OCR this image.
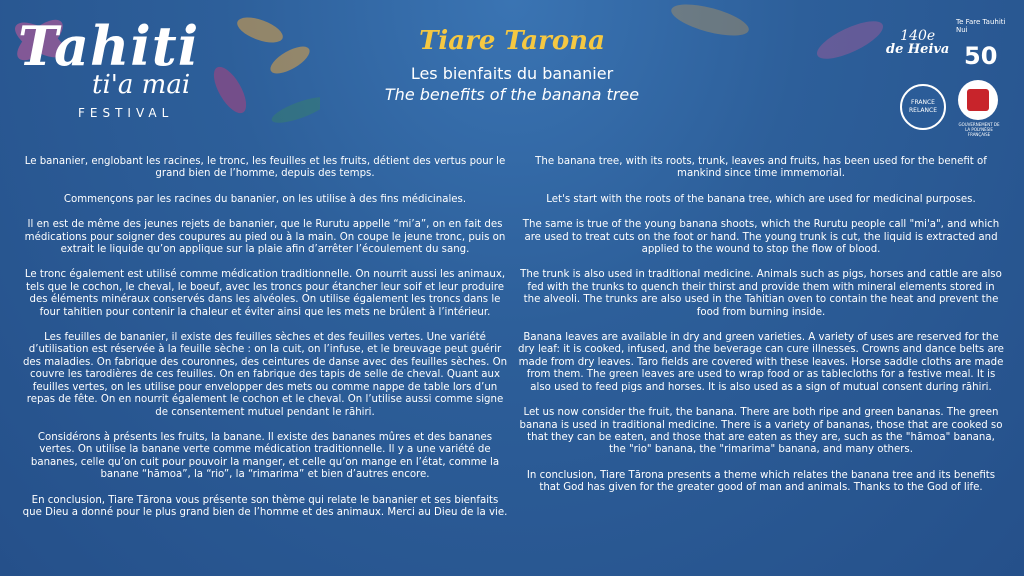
Tahiti
ti'a mai
FESTIVAL
Tiare Tarona
Les bienfaits du bananier
The benefits of the banana tree
140e
de Heiva
Te Fare Tauhiti Nui
50
FRANCE
RELANCE
GOUVERNEMENT DE LA POLYNÉSIE FRANÇAISE

Le bananier, englobant les racines, le tronc, les feuilles et les fruits, détient des vertus pour le grand bien de l’homme, depuis des temps.

Commençons par les racines du bananier, on les utilise à des fins médicinales.

Il en est de même des jeunes rejets de bananier, que le Rurutu appelle “mi’a”, on en fait des médications pour soigner des coupures au pied ou à la main. On coupe le jeune tronc, puis on extrait le liquide qu’on applique sur la plaie afin d’arrêter l’écoulement du sang.

Le tronc également est utilisé comme médication traditionnelle. On nourrit aussi les animaux, tels que le cochon, le cheval, le boeuf, avec les troncs pour étancher leur soif et leur produire des éléments minéraux conservés dans les alvéoles. On utilise également les troncs dans le four tahitien pour contenir la chaleur et éviter ainsi que les mets ne brûlent à l’intérieur.

Les feuilles de bananier, il existe des feuilles sèches et des feuilles vertes. Une variété d’utilisation est réservée à la feuille sèche : on la cuit, on l’infuse, et le breuvage peut guérir des maladies. On fabrique des couronnes, des ceintures de danse avec des feuilles sèches. On couvre les tarodières de ces feuilles. On en fabrique des tapis de selle de cheval. Quant aux feuilles vertes, on les utilise pour envelopper des mets ou comme nappe de table lors d’un repas de fête. On en nourrit également le cochon et le cheval. On l’utilise aussi comme signe de consentement mutuel pendant le rāhiri.

Considérons à présents les fruits, la banane. Il existe des bananes mûres et des bananes vertes. On utilise la banane verte comme médication traditionnelle. Il y a une variété de bananes, celle qu’on cuit pour pouvoir la manger, et celle qu’on mange en l’état, comme la banane “hāmoa”, la “rio”, la “rimarima” et bien d’autres encore.

En conclusion, Tiare Tārona vous présente son thème qui relate le bananier et ses bienfaits que Dieu a donné pour le plus grand bien de l’homme et des animaux. Merci au Dieu de la vie.

The banana tree, with its roots, trunk, leaves and fruits, has been used for the benefit of mankind since time immemorial.

Let's start with the roots of the banana tree, which are used for medicinal purposes.

The same is true of the young banana shoots, which the Rurutu people call "mi'a", and which are used to treat cuts on the foot or hand. The young trunk is cut, the liquid is extracted and applied to the wound to stop the flow of blood.

The trunk is also used in traditional medicine. Animals such as pigs, horses and cattle are also fed with the trunks to quench their thirst and provide them with mineral elements stored in the alveoli. The trunks are also used in the Tahitian oven to contain the heat and prevent the food from burning inside.

Banana leaves are available in dry and green varieties. A variety of uses are reserved for the dry leaf: it is cooked, infused, and the beverage can cure illnesses. Crowns and dance belts are made from dry leaves. Taro fields are covered with these leaves. Horse saddle cloths are made from them. The green leaves are used to wrap food or as tablecloths for a festive meal. It is also used to feed pigs and horses. It is also used as a sign of mutual consent during rāhiri.

Let us now consider the fruit, the banana. There are both ripe and green bananas. The green banana is used in traditional medicine. There is a variety of bananas, those that are cooked so that they can be eaten, and those that are eaten as they are, such as the "hāmoa" banana, the "rio" banana, the "rimarima" banana, and many others.

In conclusion, Tiare Tārona presents a theme which relates the banana tree and its benefits that God has given for the greater good of man and animals. Thanks to the God of life.
